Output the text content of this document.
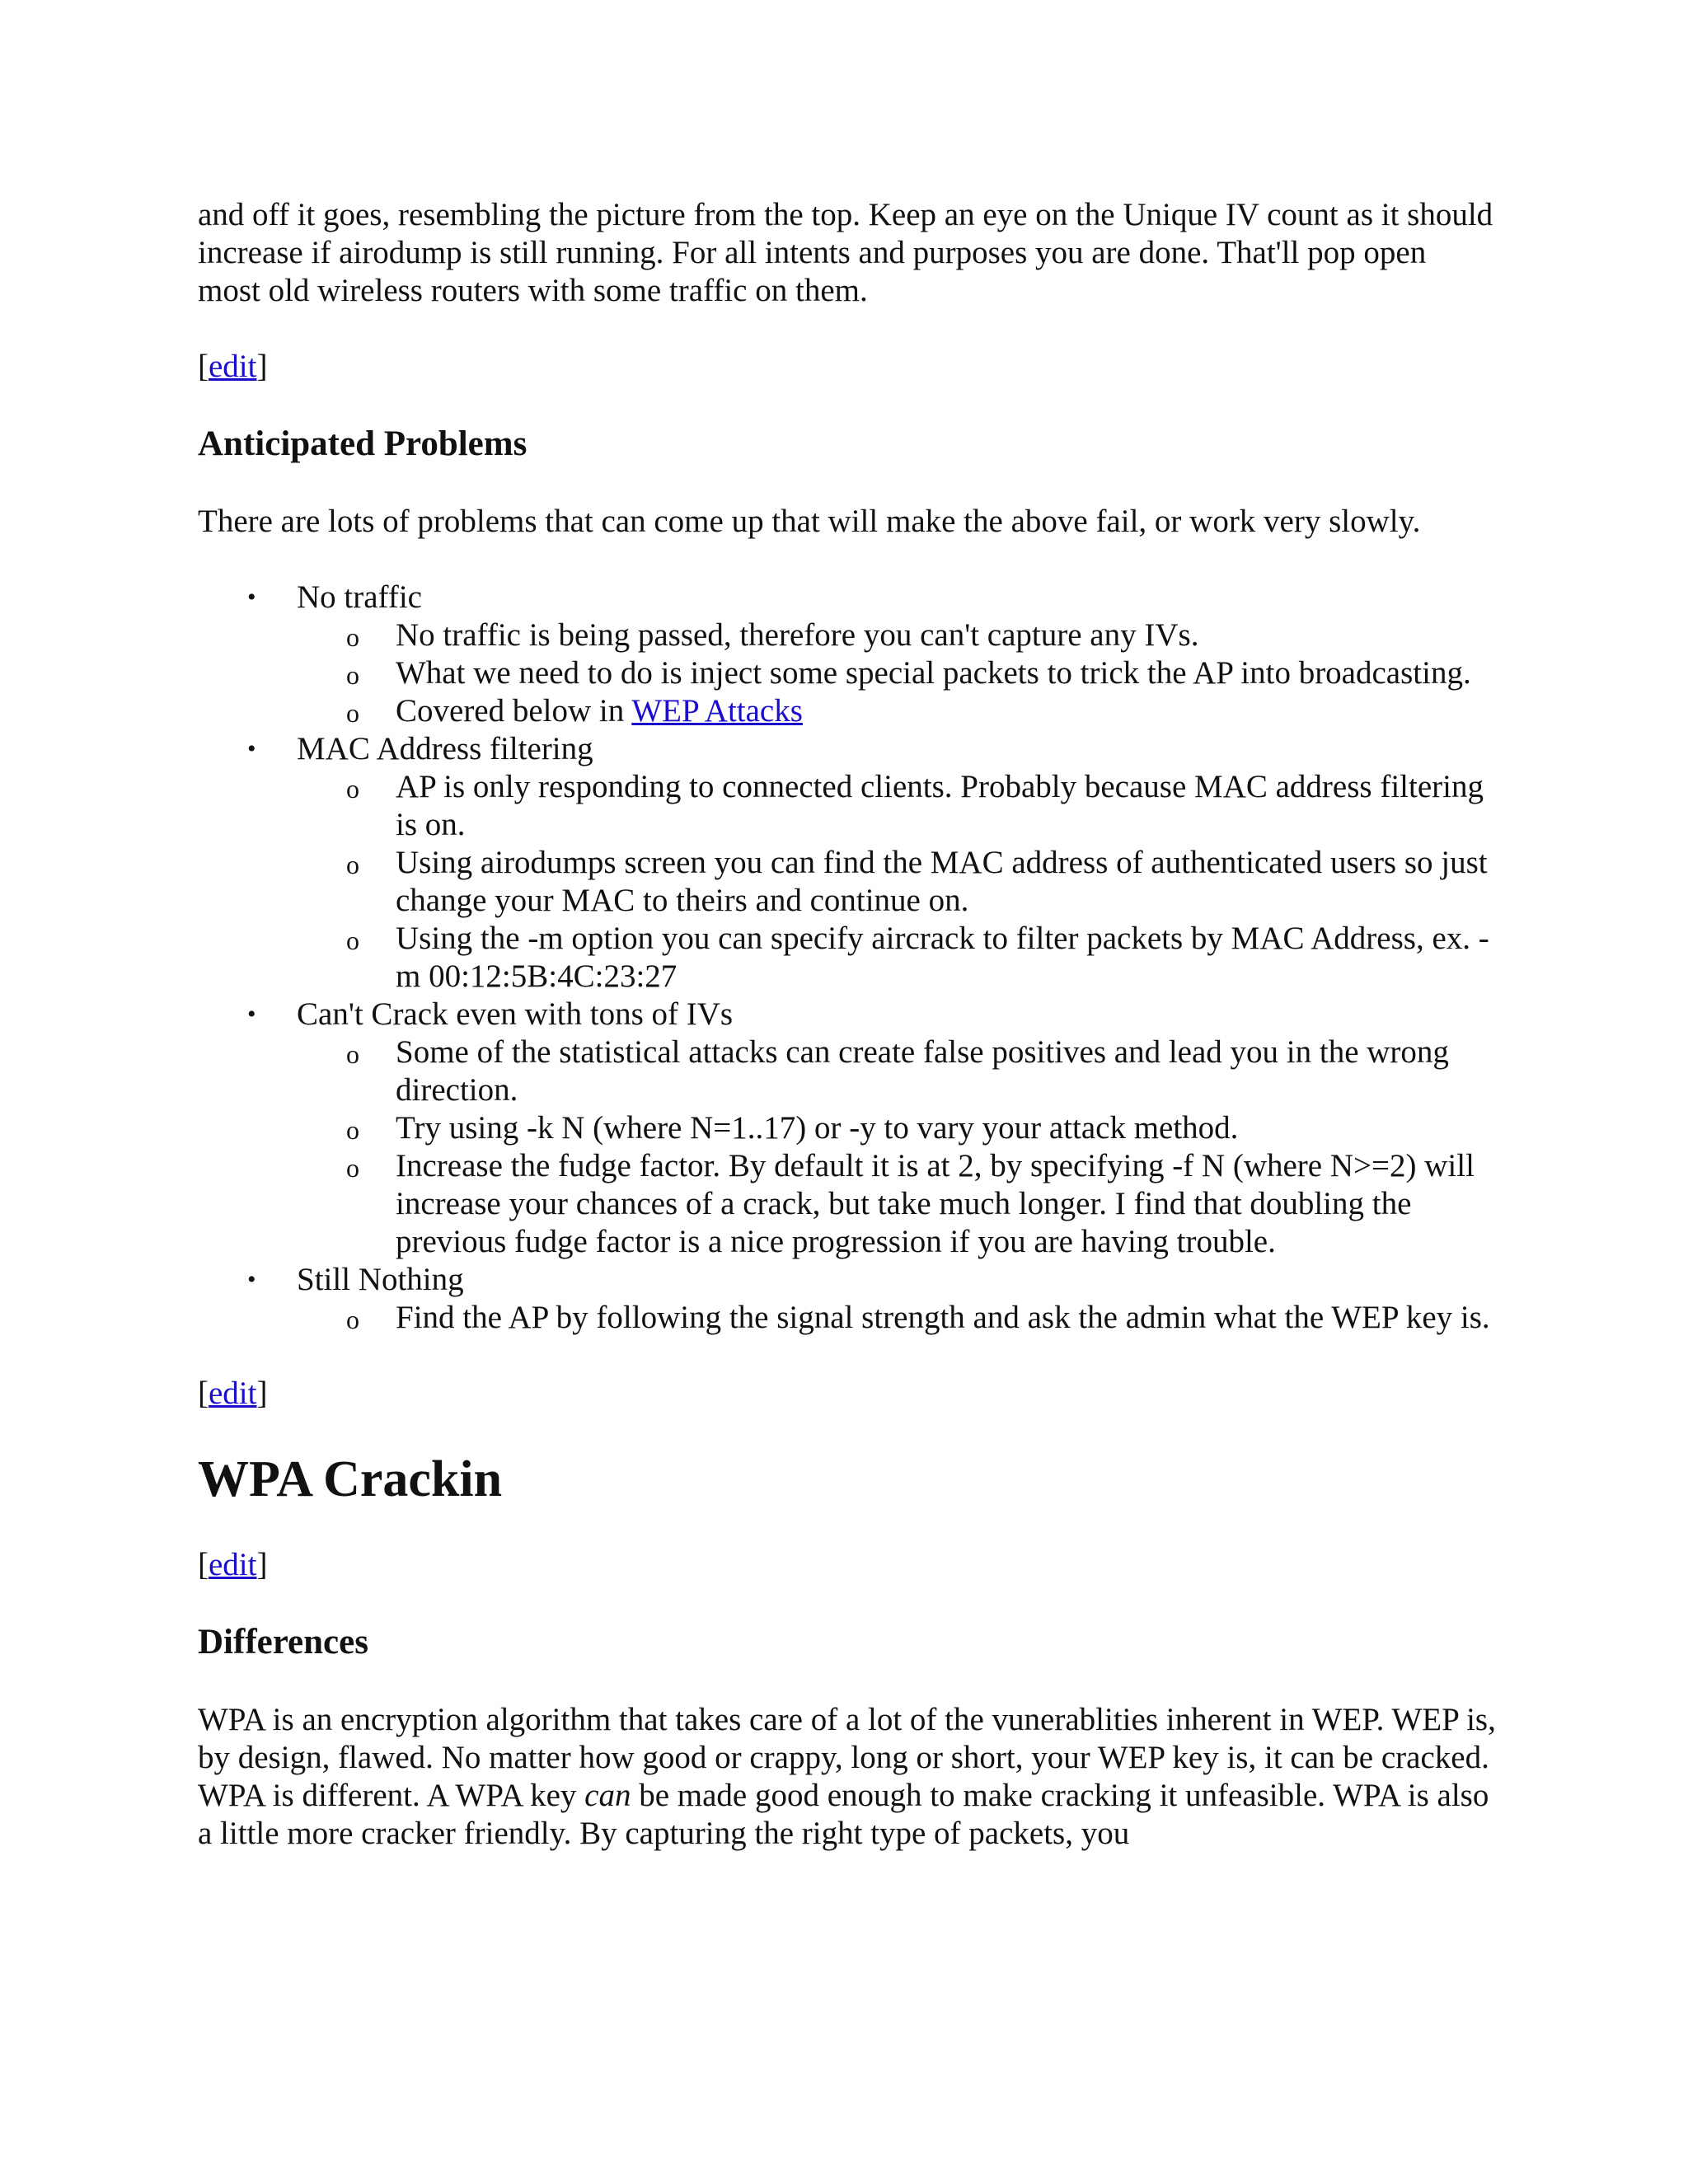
and off it goes, resembling the picture from the top. Keep an eye on the Unique IV count as it should increase if airodump is still running. For all intents and purposes you are done. That'll pop open most old wireless routers with some traffic on them.

[edit]

Anticipated Problems

There are lots of problems that can come up that will make the above fail, or work very slowly.

• No traffic
o No traffic is being passed, therefore you can't capture any IVs.
o What we need to do is inject some special packets to trick the AP into broadcasting.
o Covered below in WEP Attacks
• MAC Address filtering
o AP is only responding to connected clients. Probably because MAC address filtering is on.
o Using airodumps screen you can find the MAC address of authenticated users so just change your MAC to theirs and continue on.
o Using the -m option you can specify aircrack to filter packets by MAC Address, ex. -m 00:12:5B:4C:23:27
• Can't Crack even with tons of IVs
o Some of the statistical attacks can create false positives and lead you in the wrong direction.
o Try using -k N (where N=1..17) or -y to vary your attack method.
o Increase the fudge factor. By default it is at 2, by specifying -f N (where N>=2) will increase your chances of a crack, but take much longer. I find that doubling the previous fudge factor is a nice progression if you are having trouble.
• Still Nothing
o Find the AP by following the signal strength and ask the admin what the WEP key is.

[edit]

WPA Crackin

[edit]

Differences

WPA is an encryption algorithm that takes care of a lot of the vunerablities inherent in WEP. WEP is, by design, flawed. No matter how good or crappy, long or short, your WEP key is, it can be cracked. WPA is different. A WPA key can be made good enough to make cracking it unfeasible. WPA is also a little more cracker friendly. By capturing the right type of packets, you
